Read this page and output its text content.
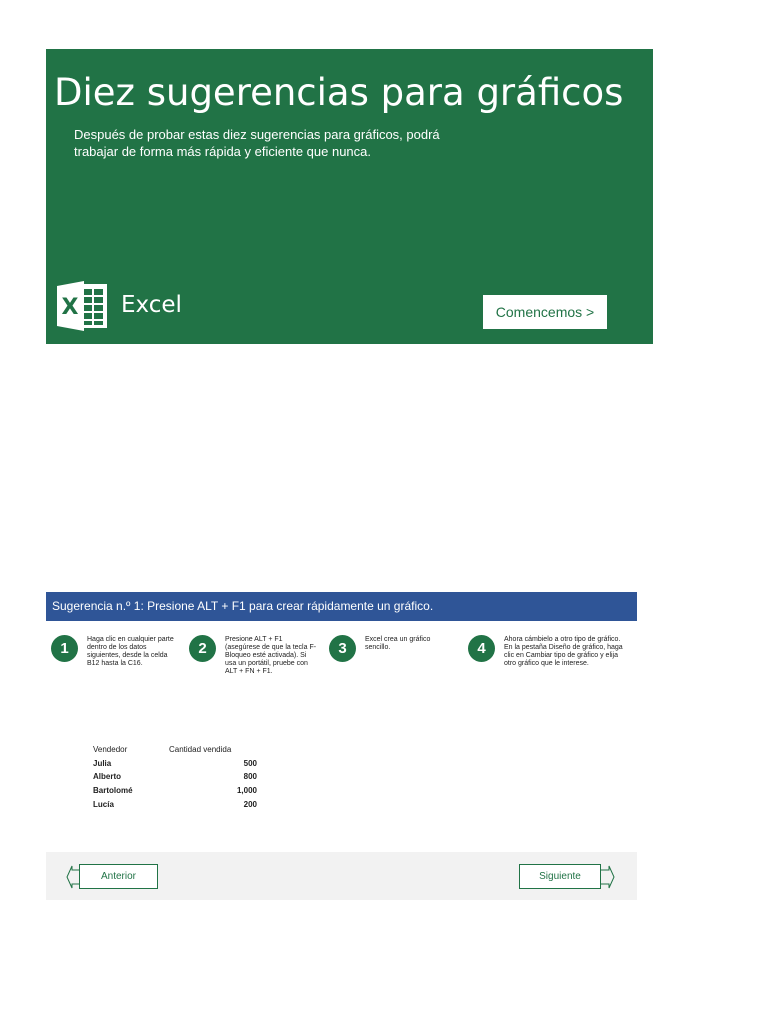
Diez sugerencias para gráficos
Después de probar estas diez sugerencias para gráficos, podrá trabajar de forma más rápida y eficiente que nunca.
X Excel	Comencemos >
Sugerencia n.º 1: Presione ALT + F1 para crear rápidamente un gráfico.
1
Haga clic en cualquier parte dentro de los datos siguientes, desde la celda B12 hasta la C16.
2
Presione ALT + F1 (asegúrese de que la tecla F-Bloqueo esté activada). Si usa un portátil, pruebe con ALT + FN + F1.
3
Excel crea un gráfico sencillo.	4
Ahora cámbielo a otro tipo de gráfico. En la pestaña Diseño de gráfico, haga clic en Cambiar tipo de gráfico y elija otro gráfico que le interese.
Vendedor	Cantidad vendida
Julia	500
Alberto	800
Bartolomé	1,000
Lucía	200
Anterior	Siguiente
